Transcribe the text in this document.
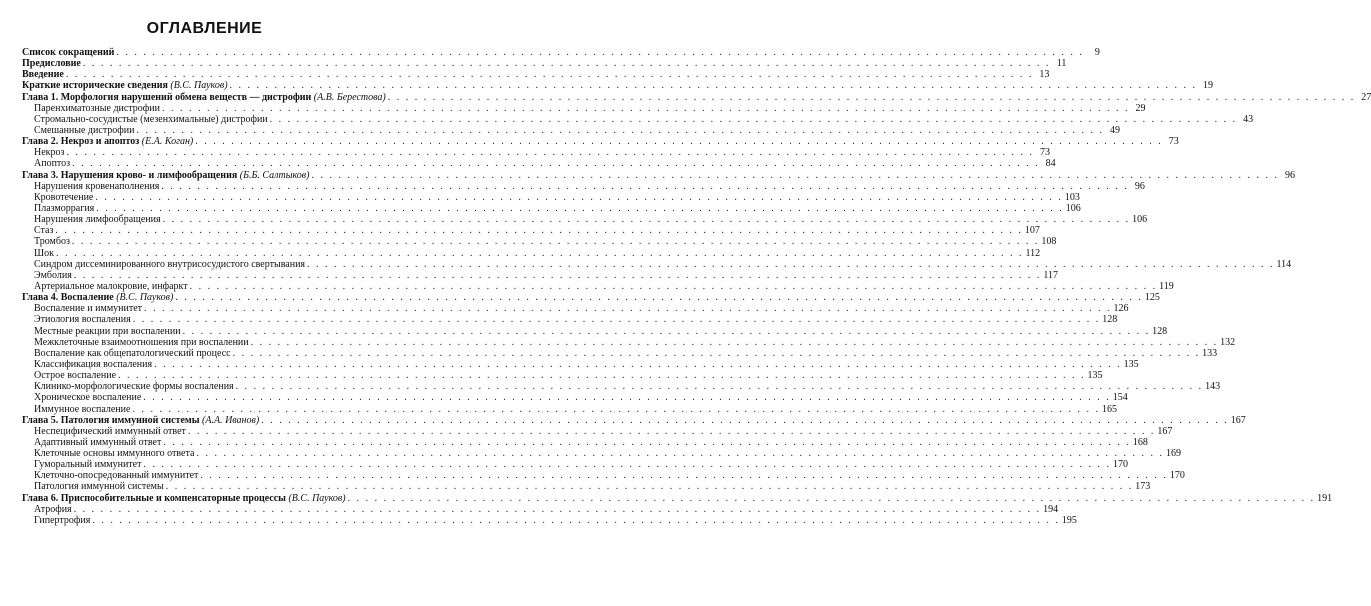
ОГЛАВЛЕНИЕ
Список сокращений . . .	9
Предисловие . . .	11
Введение . . .	13
Краткие исторические сведения (В.С. Пауков) . . .	19
Глава 1. Морфология нарушений обмена веществ — дистрофии (А.В. Берестова) . . .	27
Паренхиматозные дистрофии . . .	29
Стромально-сосудистые (мезенхимальные) дистрофии . . .	43
Смешанные дистрофии . . .	49
Глава 2. Некроз и апоптоз (Е.А. Коган) . . .	73
Некроз . . .	73
Апоптоз . . .	84
Глава 3. Нарушения крово- и лимфообращения (Б.Б. Салтыков) . . .	96
Нарушения кровенаполнения . . .	96
Кровотечение . . .	103
Плазморрагия . . .	106
Нарушения лимфообращения . . .	106
Стаз . . .	107
Тромбоз . . .	108
Шок . . .	112
Синдром диссеминированного внутрисосудистого свертывания . . .	114
Эмболия . . .	117
Артериальное малокровие, инфаркт . . .	119
Глава 4. Воспаление (В.С. Пауков) . . .	125
Воспаление и иммунитет . . .	126
Этиология воспаления . . .	128
Местные реакции при воспалении . . .	128
Межклеточные взаимоотношения при воспалении . . .	132
Воспаление как общепатологический процесс . . .	133
Классификация воспаления . . .	135
Острое воспаление . . .	135
Клинико-морфологические формы воспаления . . .	143
Хроническое воспаление . . .	154
Иммунное воспаление . . .	165
Глава 5. Патология иммунной системы (А.А. Иванов) . . .	167
Неспецифический иммунный ответ . . .	167
Адаптивный иммунный ответ . . .	168
Клеточные основы иммунного ответа . . .	169
Гуморальный иммунитет . . .	170
Клеточно-опосредованный иммунитет . . .	170
Патология иммунной системы . . .	173
Глава 6. Приспособительные и компенсаторные процессы (В.С. Пауков) . . .	191
Атрофия . . .	194
Гипертрофия . . .	195
